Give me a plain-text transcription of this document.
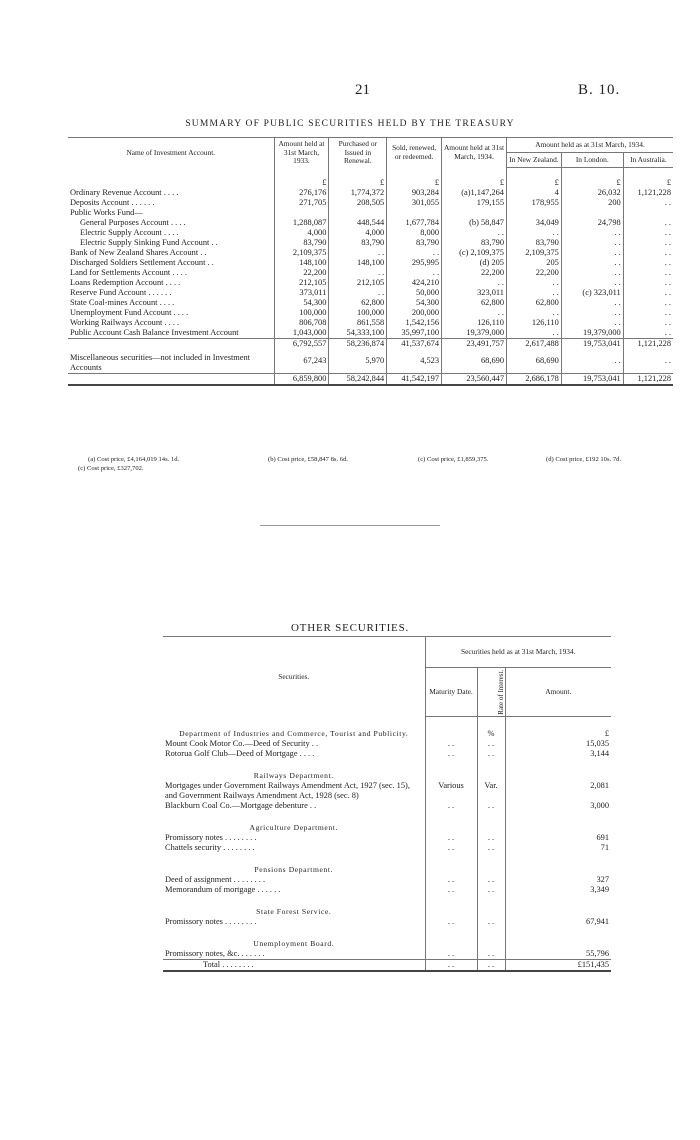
21	B. 10.
SUMMARY OF PUBLIC SECURITIES HELD BY THE TREASURY
Name of Investment Account.	Amount held at 31st March, 1933.	Purchased or Issued in Renewal.	Sold, renewed, or redeemed.	Amount held at 31st March, 1934.	Amount held as at 31st March, 1934.		
					In New Zealand.	In London.	In Australia.
	£	£	£	£	£	£	£
Ordinary Revenue Account . . . .	276,176	1,774,372	903,284	(a)1,147,264	4	26,032	1,121,228
Deposits Account . . . . . .	271,705	208,505	301,055	179,155	178,955	200	. .
Public Works Fund—							
General Purposes Account . . . .	1,288,087	448,544	1,677,784	(b) 58,847	34,049	24,798	. .
Electric Supply Account . . . .	4,000	4,000	8,000	. .	. .	. .	. .
Electric Supply Sinking Fund Account . .	83,790	83,790	83,790	83,790	83,790	. .	. .
Bank of New Zealand Shares Account . .	2,109,375	. .	. .	(c) 2,109,375	2,109,375	. .	. .
Discharged Soldiers Settlement Account . .	148,100	148,100	295,995	(d) 205	205	. .	. .
Land for Settlements Account . . . .	22,200	. .	. .	22,200	22,200	. .	. .
Loans Redemption Account . . . .	212,105	212,105	424,210	. .	. .	. .	. .
Reserve Fund Account . . . . . .	373,011	. .	50,000	323,011	. .	(c) 323,011	. .
State Coal-mines Account . . . .	54,300	62,800	54,300	62,800	62,800	. .	. .
Unemployment Fund Account . . . .	100,000	100,000	200,000	. .	. .	. .	. .
Working Railways Account . . . .	806,708	861,558	1,542,156	126,110	126,110	. .	. .
Public Account Cash Balance Investment Account	1,043,000	54,333,100	35,997,100	19,379,000	. .	19,379,000	. .
	6,792,557	58,236,874	41,537,674	23,491,757	2,617,488	19,753,041	1,121,228
Miscellaneous securities—not included in Investment Accounts	67,243	5,970	4,523	68,690	68,690	. .	. .
	6,859,800	58,242,844	41,542,197	23,560,447	2,686,178	19,753,041	1,121,228
(a) Cost price, £4,164,019 14s. 1d.
(c) Cost price, £327,702.
(b) Cost price, £58,847 8s. 6d.	(c) Cost price, £1,859,375.	(d) Cost price, £192 10s. 7d.
OTHER SECURITIES.
Securities.	Securities held as at 31st March, 1934.		
	Maturity Date.	Rate of Interest.	Amount.
Department of Industries and Commerce, Tourist and Publicity.		%	£
Mount Cook Motor Co.—Deed of Security . .	. .	. .	15,035
Rotorua Golf Club—Deed of Mortgage . . . .	. .	. .	3,144
Railways Department.			
Mortgages under Government Railways Amendment Act, 1927 (sec. 15), and Government Railways Amendment Act, 1928 (sec. 8)	Various	Var.	2,081
Blackburn Coal Co.—Mortgage debenture . .	. .	. .	3,000
Agriculture Department.			
Promissory notes . . . . . . . .	. .	. .	691
Chattels security . . . . . . . .	. .	. .	71
Pensions Department.			
Deed of assignment . . . . . . . .	. .	. .	327
Memorandum of mortgage . . . . . .	. .	. .	3,349
State Forest Service.			
Promissory notes . . . . . . . .	. .	. .	67,941
Unemployment Board.			
Promissory notes, &c. . . . . . .	. .	. .	55,796
Total . . . . . . . .	. .	. .	£151,435
